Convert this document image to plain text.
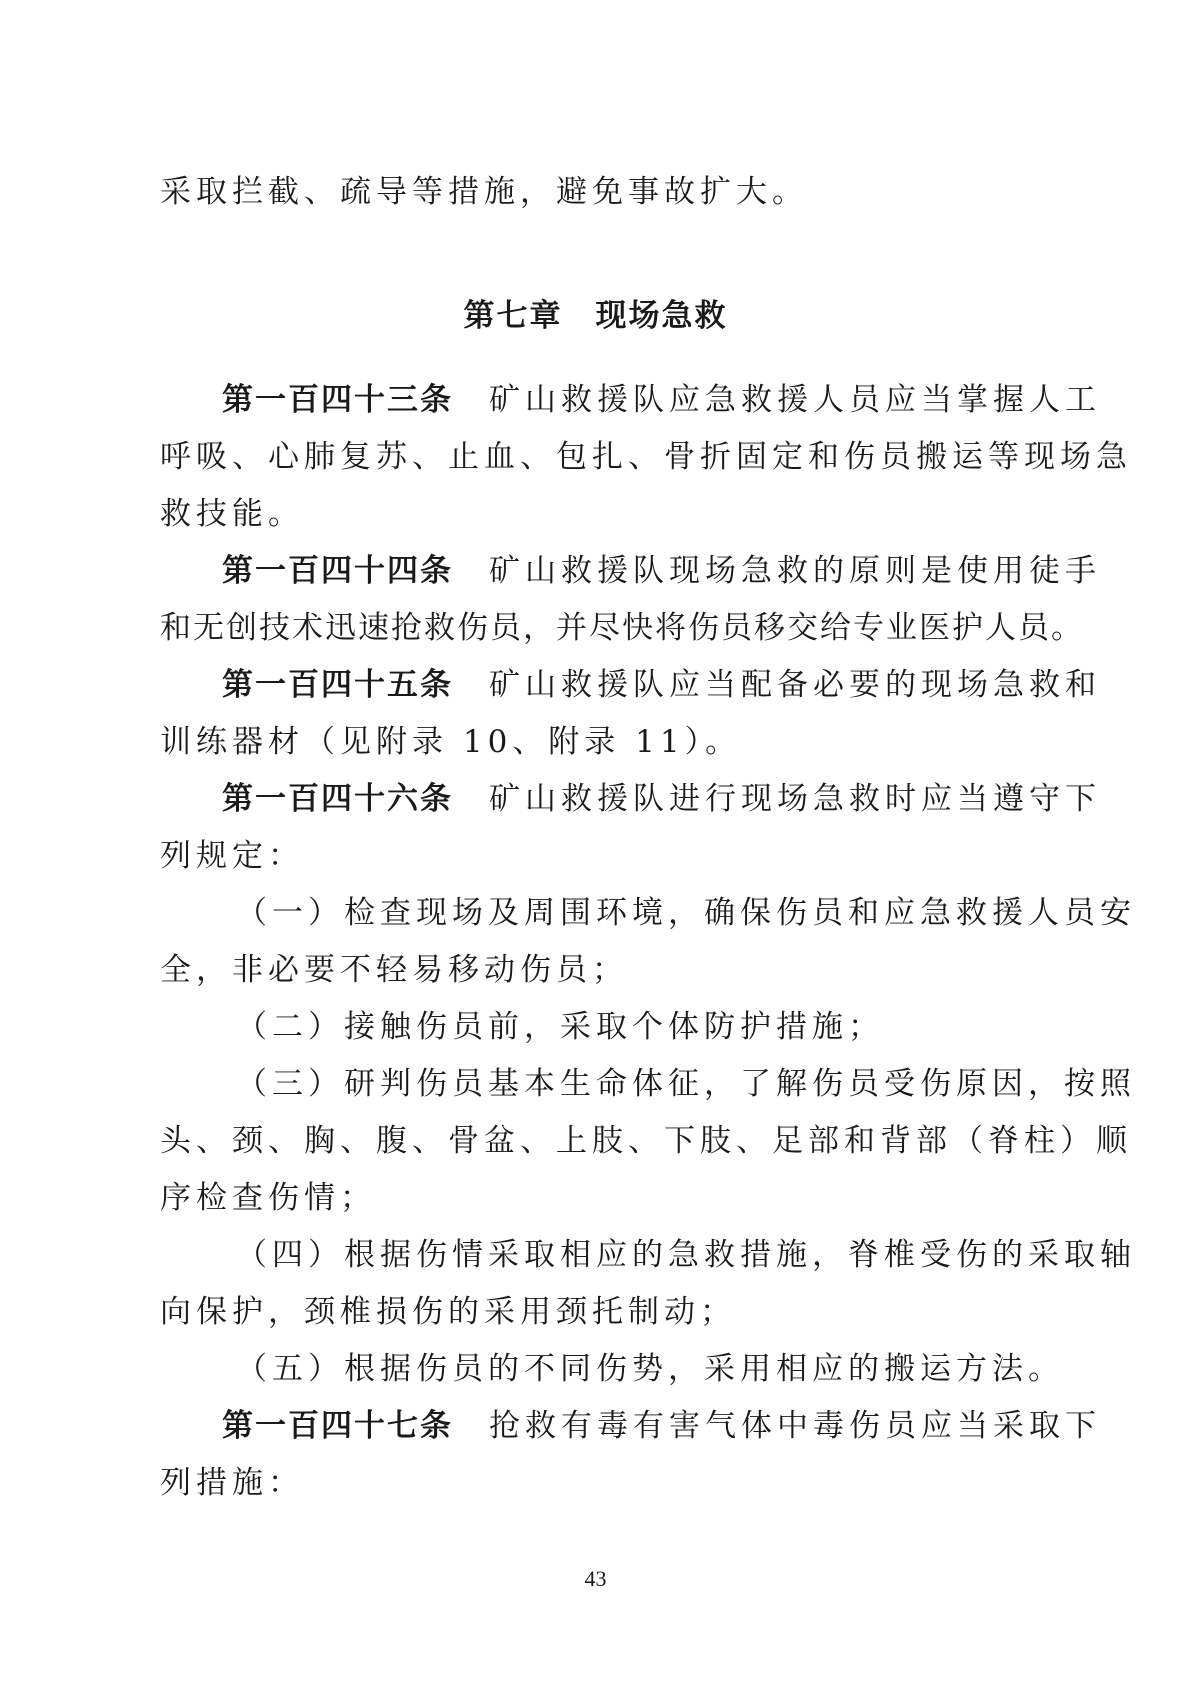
采取拦截、疏导等措施，避免事故扩大。
第七章　现场急救
第一百四十三条 矿山救援队应急救援人员应当掌握人工
呼吸、心肺复苏、止血、包扎、骨折固定和伤员搬运等现场急
救技能。
第一百四十四条 矿山救援队现场急救的原则是使用徒手
和无创技术迅速抢救伤员，并尽快将伤员移交给专业医护人员。
第一百四十五条 矿山救援队应当配备必要的现场急救和
训练器材（见附录 10、附录 11）。
第一百四十六条 矿山救援队进行现场急救时应当遵守下
列规定：
（一）检查现场及周围环境，确保伤员和应急救援人员安
全，非必要不轻易移动伤员；
（二）接触伤员前，采取个体防护措施；
（三）研判伤员基本生命体征，了解伤员受伤原因，按照
头、颈、胸、腹、骨盆、上肢、下肢、足部和背部（脊柱）顺
序检查伤情；
（四）根据伤情采取相应的急救措施，脊椎受伤的采取轴
向保护，颈椎损伤的采用颈托制动；
（五）根据伤员的不同伤势，采用相应的搬运方法。
第一百四十七条 抢救有毒有害气体中毒伤员应当采取下
列措施：
43
